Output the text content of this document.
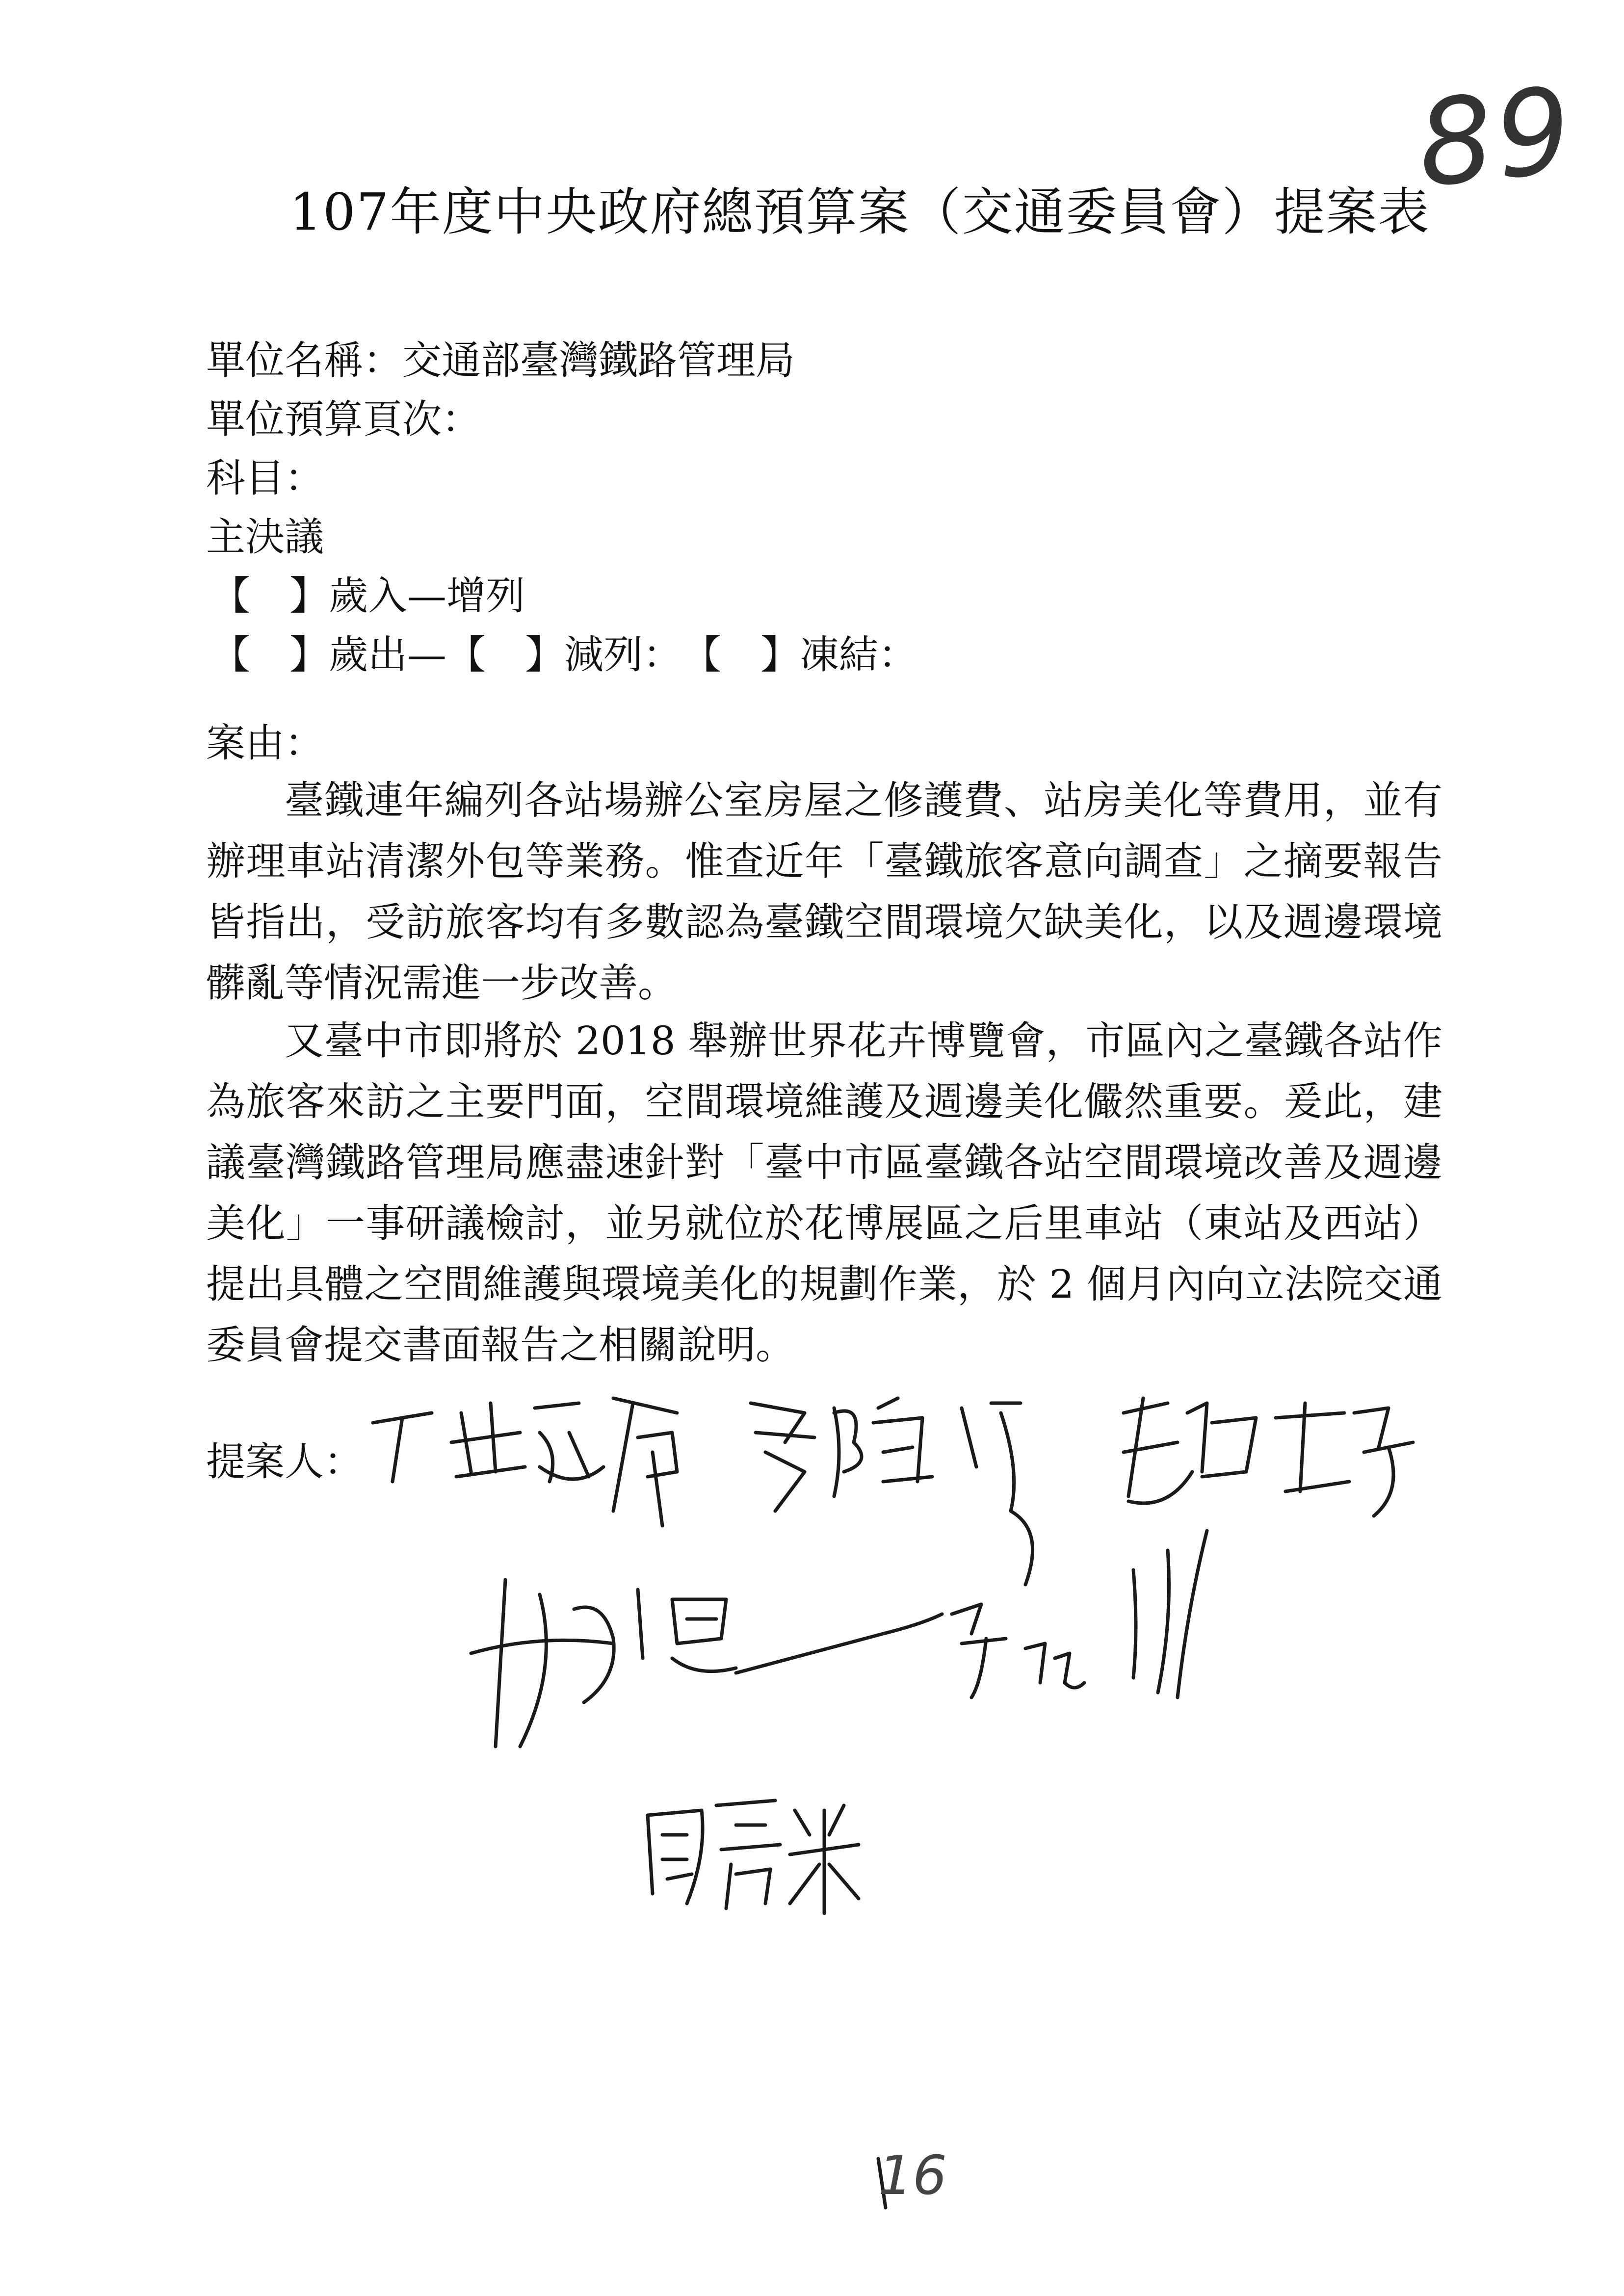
89
107年度中央政府總預算案（交通委員會）提案表
單位名稱：交通部臺灣鐵路管理局
單位預算頁次：
科目：
主決議
【　】歲入—增列
【　】歲出—【　】減列：　【　】凍結：
案由：

臺鐵連年編列各站場辦公室房屋之修護費、站房美化等費用，並有辦理車站清潔外包等業務。惟查近年「臺鐵旅客意向調查」之摘要報告皆指出，受訪旅客均有多數認為臺鐵空間環境欠缺美化，以及週邊環境髒亂等情況需進一步改善。

又臺中市即將於 2018 舉辦世界花卉博覽會，市區內之臺鐵各站作為旅客來訪之主要門面，空間環境維護及週邊美化儼然重要。爰此，建議臺灣鐵路管理局應盡速針對「臺中市區臺鐵各站空間環境改善及週邊美化」一事研議檢討，並另就位於花博展區之后里車站（東站及西站）提出具體之空間維護與環境美化的規劃作業，於 2 個月內向立法院交通委員會提交書面報告之相關說明。

提案人：
16
